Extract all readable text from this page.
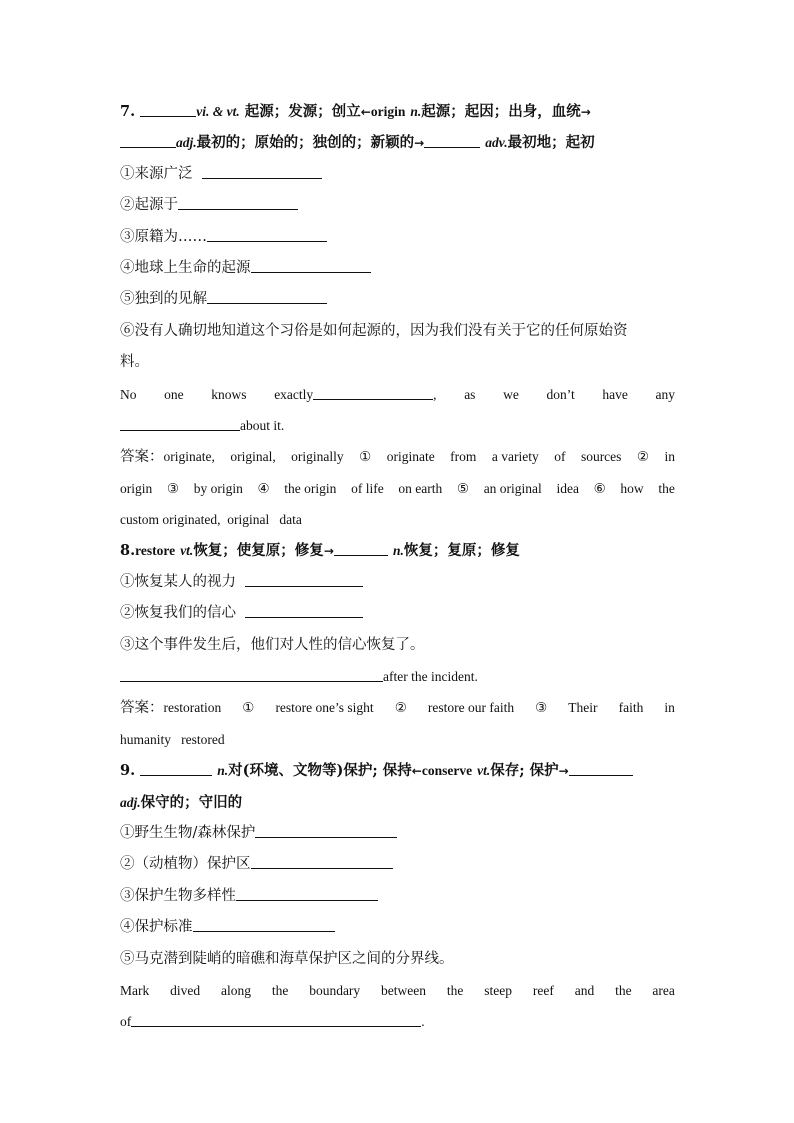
7.	vi. & vt. 起源；发源；创立←origin n.起源；起因；出身，血统→
adj.最初的；原始的；独创的；新颖的→	adv.最初地；起初
①来源广泛
②起源于
③原籍为……
④地球上生命的起源
⑤独到的见解
⑥没有人确切地知道这个习俗是如何起源的，因为我们没有关于它的任何原始资
料。
No one knows exactly	, as we don’t have any
about it.
答案：originate, original, originally ① originate from a variety of sources ② in
origin ③ by origin ④ the origin of life on earth ⑤ an original idea ⑥ how the
custom originated,  original   data
8.restore vt.恢复；使复原；修复→	n.恢复；复原；修复
①恢复某人的视力
②恢复我们的信心
③这个事件发生后，他们对人性的信心恢复了。
after the incident.
答案：restoration ① restore one’s sight ② restore our faith ③ Their faith in
humanity   restored
9.	n.对(环境、文物等)保护; 保持←conserve vt.保存; 保护→
adj.保守的；守旧的
①野生生物/森林保护
②（动植物）保护区
③保护生物多样性
④保护标准
⑤马克潜到陡峭的暗礁和海草保护区之间的分界线。
Mark dived along the boundary between the steep reef and the area
of	.
